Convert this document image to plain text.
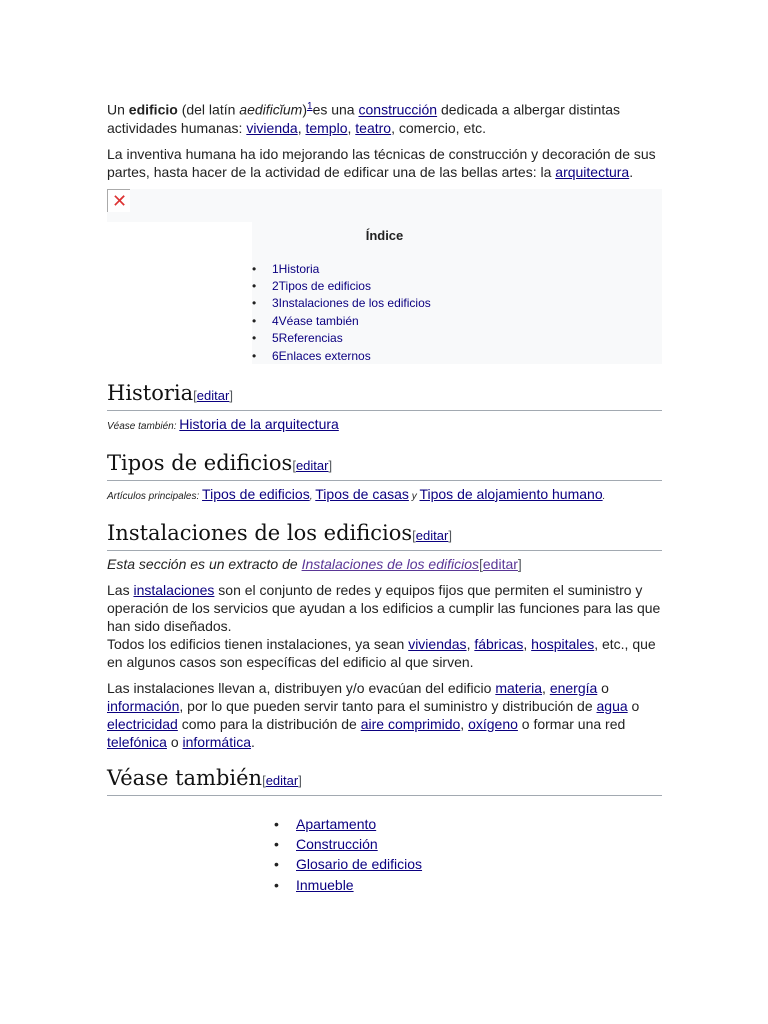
Un edificio (del latín aedificĭum)$^1$es una construcción dedicada a albergar distintas actividades humanas: vivienda, templo, teatro, comercio, etc.

La inventiva humana ha ido mejorando las técnicas de construcción y decoración de sus partes, hasta hacer de la actividad de edificar una de las bellas artes: la arquitectura.

✕
Índice
• 1Historia
• 2Tipos de edificios
• 3Instalaciones de los edificios
• 4Véase también
• 5Referencias
• 6Enlaces externos
Historia[editar]
Véase también: Historia de la arquitectura
Tipos de edificios[editar]
Artículos principales: Tipos de edificios, Tipos de casas y Tipos de alojamiento humano.
Instalaciones de los edificios[editar]
Esta sección es un extracto de Instalaciones de los edificios[editar]

Las instalaciones son el conjunto de redes y equipos fijos que permiten el suministro y operación de los servicios que ayudan a los edificios a cumplir las funciones para las que han sido diseñados.
Todos los edificios tienen instalaciones, ya sean viviendas, fábricas, hospitales, etc., que en algunos casos son específicas del edificio al que sirven.

Las instalaciones llevan a, distribuyen y/o evacúan del edificio materia, energía o información, por lo que pueden servir tanto para el suministro y distribución de agua o electricidad como para la distribución de aire comprimido, oxígeno o formar una red telefónica o informática.

Véase también[editar]
• Apartamento
• Construcción
• Glosario de edificios
• Inmueble
